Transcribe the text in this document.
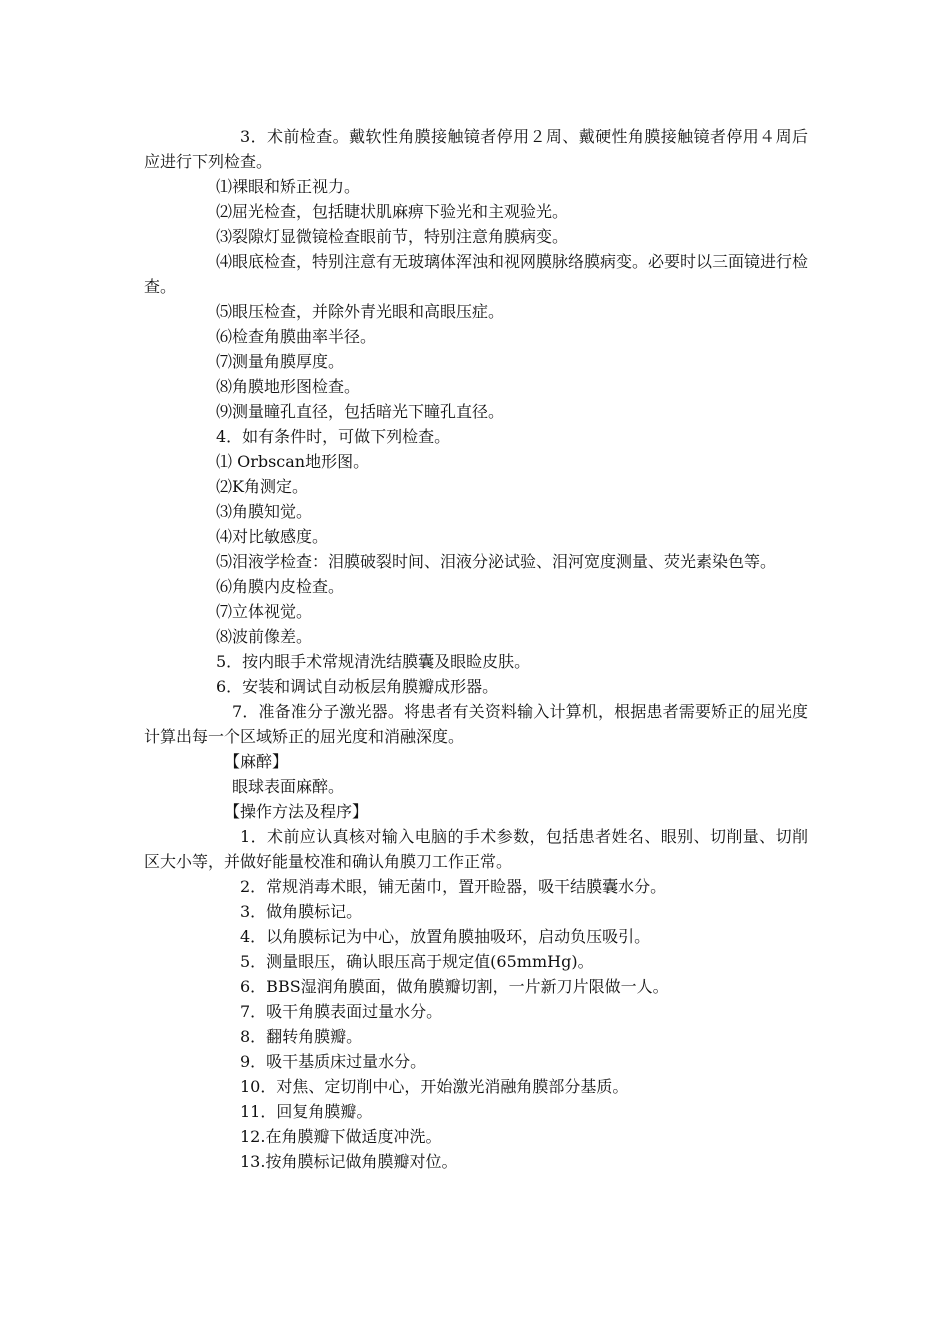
3．术前检查。戴软性角膜接触镜者停用２周、戴硬性角膜接触镜者停用４周后应进行下列检查。

⑴裸眼和矫正视力。

⑵屈光检查，包括睫状肌麻痹下验光和主观验光。

⑶裂隙灯显微镜检查眼前节，特别注意角膜病变。

⑷眼底检查，特别注意有无玻璃体浑浊和视网膜脉络膜病变。必要时以三面镜进行检查。

⑸眼压检查，并除外青光眼和高眼压症。

⑹检查角膜曲率半径。

⑺测量角膜厚度。

⑻角膜地形图检查。

⑼测量瞳孔直径，包括暗光下瞳孔直径。

4．如有条件时，可做下列检查。

⑴ Orbscan地形图。

⑵K角测定。

⑶角膜知觉。

⑷对比敏感度。

⑸泪液学检查：泪膜破裂时间、泪液分泌试验、泪河宽度测量、荧光素染色等。

⑹角膜内皮检查。

⑺立体视觉。

⑻波前像差。

5．按内眼手术常规清洗结膜囊及眼睑皮肤。

6．安装和调试自动板层角膜瓣成形器。

7．准备准分子激光器。将患者有关资料输入计算机，根据患者需要矫正的屈光度计算出每一个区域矫正的屈光度和消融深度。

【麻醉】

眼球表面麻醉。

【操作方法及程序】

1．术前应认真核对输入电脑的手术参数，包括患者姓名、眼别、切削量、切削区大小等，并做好能量校准和确认角膜刀工作正常。

2．常规消毒术眼，铺无菌巾，置开睑器，吸干结膜囊水分。

3．做角膜标记。

4．以角膜标记为中心，放置角膜抽吸环，启动负压吸引。

5．测量眼压，确认眼压高于规定值(65mmHg)。

6．BBS湿润角膜面，做角膜瓣切割，一片新刀片限做一人。

7．吸干角膜表面过量水分。

8．翻转角膜瓣。

9．吸干基质床过量水分。

10．对焦、定切削中心，开始激光消融角膜部分基质。

11．回复角膜瓣。

12.在角膜瓣下做适度冲洗。

13.按角膜标记做角膜瓣对位。
